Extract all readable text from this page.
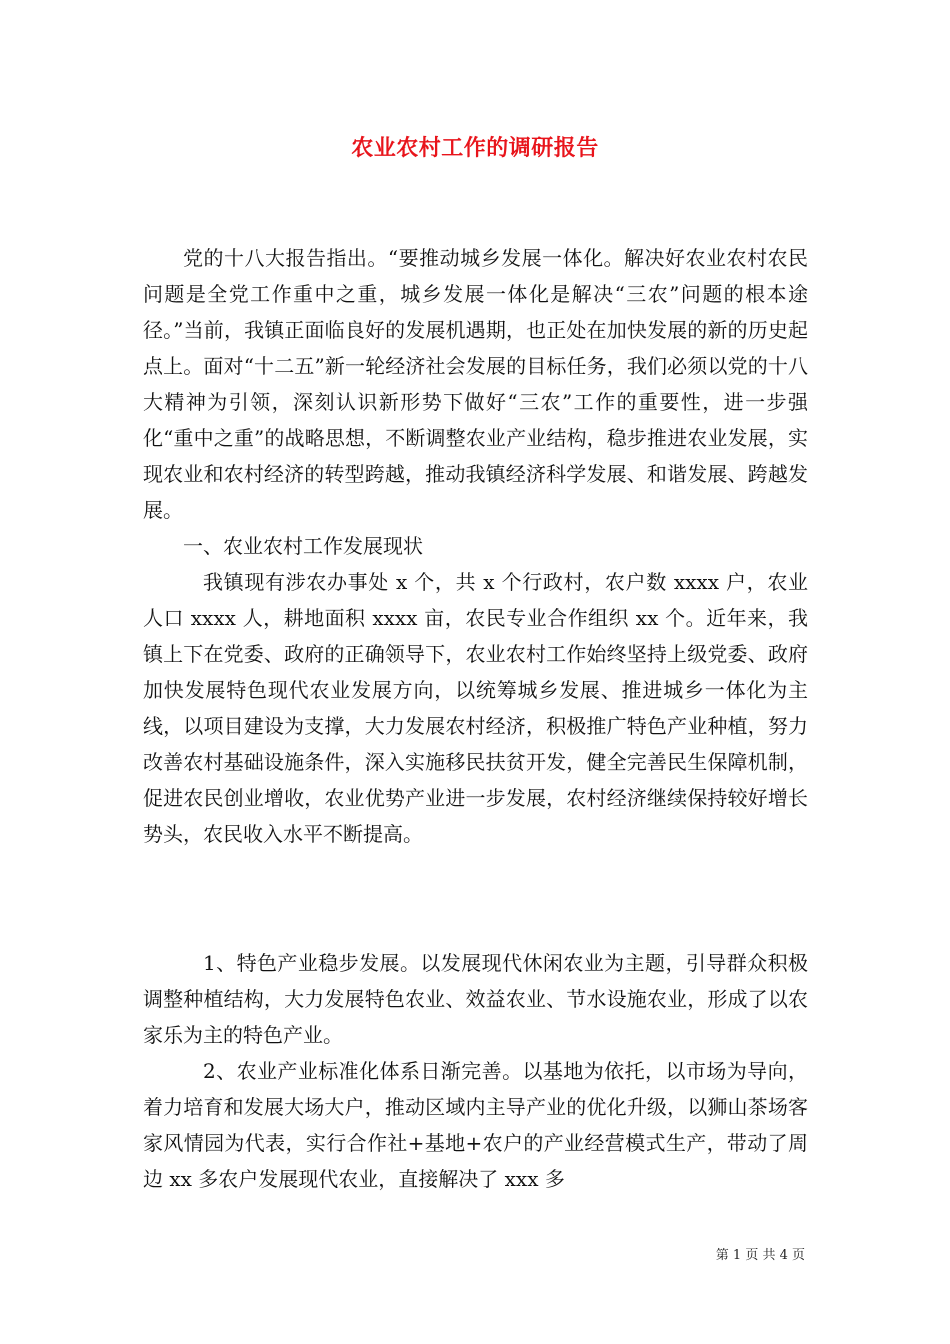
农业农村工作的调研报告

党的十八大报告指出。“要推动城乡发展一体化。解决好农业农村农民问题是全党工作重中之重，城乡发展一体化是解决“三农”问题的根本途径。”当前，我镇正面临良好的发展机遇期，也正处在加快发展的新的历史起点上。面对“十二五”新一轮经济社会发展的目标任务，我们必须以党的十八大精神为引领，深刻认识新形势下做好“三农”工作的重要性，进一步强化“重中之重”的战略思想，不断调整农业产业结构，稳步推进农业发展，实现农业和农村经济的转型跨越，推动我镇经济科学发展、和谐发展、跨越发展。

一、农业农村工作发展现状

我镇现有涉农办事处 x 个，共 x 个行政村，农户数 xxxx 户，农业人口 xxxx 人，耕地面积 xxxx 亩，农民专业合作组织 xx 个。近年来，我镇上下在党委、政府的正确领导下，农业农村工作始终坚持上级党委、政府加快发展特色现代农业发展方向，以统筹城乡发展、推进城乡一体化为主线，以项目建设为支撑，大力发展农村经济，积极推广特色产业种植，努力改善农村基础设施条件，深入实施移民扶贫开发，健全完善民生保障机制，促进农民创业增收，农业优势产业进一步发展，农村经济继续保持较好增长势头，农民收入水平不断提高。

1、特色产业稳步发展。以发展现代休闲农业为主题，引导群众积极调整种植结构，大力发展特色农业、效益农业、节水设施农业，形成了以农家乐为主的特色产业。

2、农业产业标准化体系日渐完善。以基地为依托，以市场为导向，着力培育和发展大场大户，推动区域内主导产业的优化升级，以狮山茶场客家风情园为代表，实行合作社+基地+农户的产业经营模式生产，带动了周边 xx 多农户发展现代农业，直接解决了 xxx 多

第 1 页 共 4 页
